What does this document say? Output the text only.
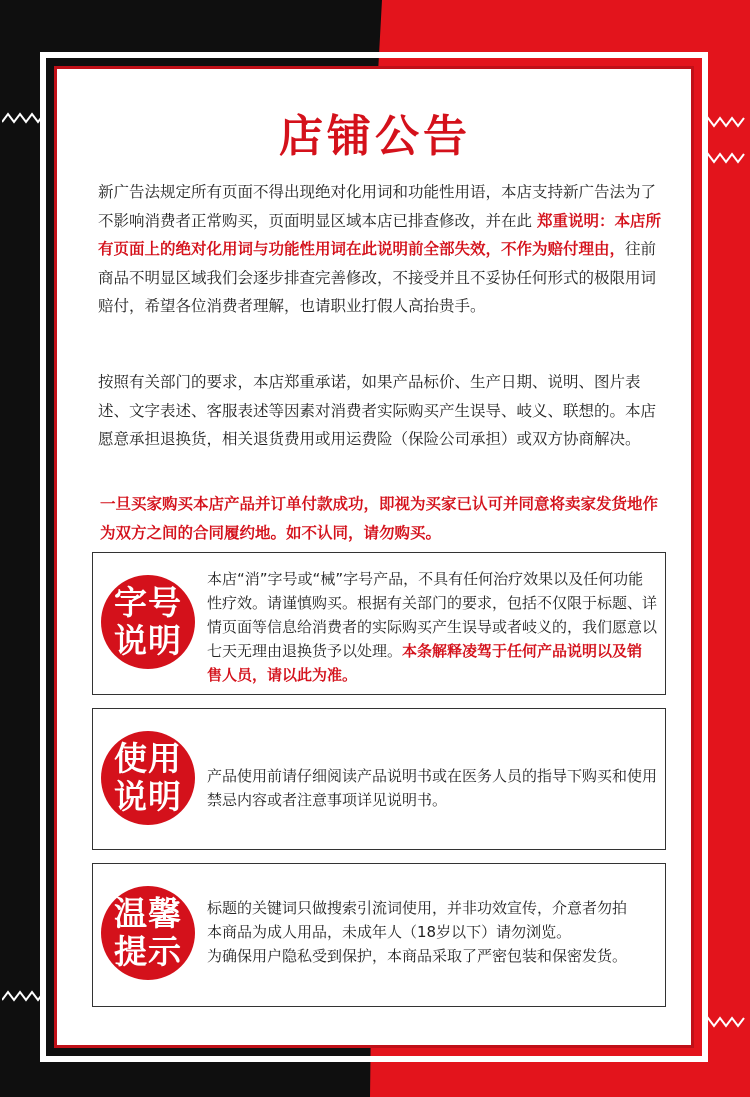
店铺公告

新广告法规定所有页面不得出现绝对化用词和功能性用语，本店支持新广告法为了不影响消费者正常购买，页面明显区域本店已排查修改，并在此 郑重说明：本店所有页面上的绝对化用词与功能性用词在此说明前全部失效，不作为赔付理由，往前商品不明显区域我们会逐步排查完善修改，不接受并且不妥协任何形式的极限用词赔付，希望各位消费者理解，也请职业打假人高抬贵手。

按照有关部门的要求，本店郑重承诺，如果产品标价、生产日期、说明、图片表述、文字表述、客服表述等因素对消费者实际购买产生误导、岐义、联想的。本店愿意承担退换货，相关退货费用或用运费险（保险公司承担）或双方协商解决。

一旦买家购买本店产品并订单付款成功，即视为买家已认可并同意将卖家发货地作为双方之间的合同履约地。如不认同，请勿购买。

字号
说明

本店“消”字号或“械”字号产品，不具有任何治疗效果以及任何功能性疗效。请谨慎购买。根据有关部门的要求，包括不仅限于标题、详情页面等信息给消费者的实际购买产生误导或者岐义的，我们愿意以七天无理由退换货予以处理。本条解释凌驾于任何产品说明以及销售人员，请以此为准。

使用
说明

产品使用前请仔细阅读产品说明书或在医务人员的指导下购买和使用禁忌内容或者注意事项详见说明书。

温馨
提示

标题的关键词只做搜索引流词使用，并非功效宣传，介意者勿拍
本商品为成人用品，未成年人（18岁以下）请勿浏览。
为确保用户隐私受到保护，本商品采取了严密包装和保密发货。
